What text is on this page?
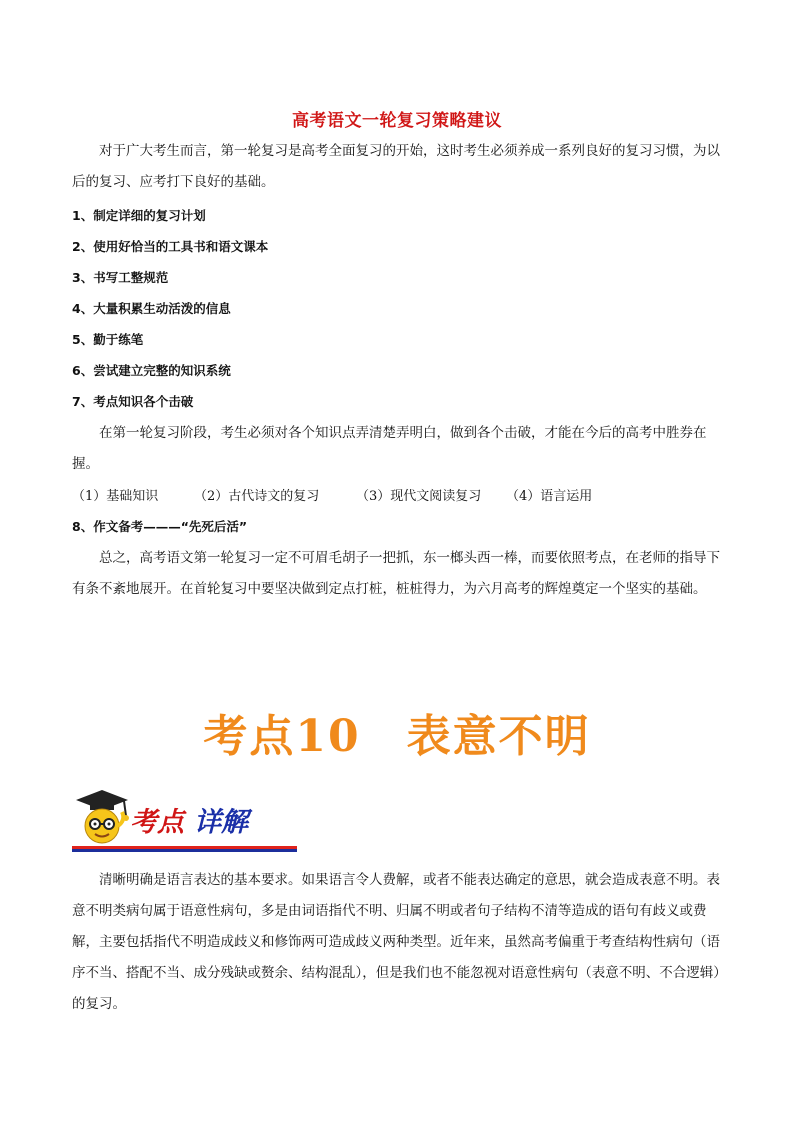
高考语文一轮复习策略建议

对于广大考生而言，第一轮复习是高考全面复习的开始，这时考生必须养成一系列良好的复习习惯，为以后的复习、应考打下良好的基础。

1、制定详细的复习计划

2、使用好恰当的工具书和语文课本

3、书写工整规范

4、大量积累生动活泼的信息

5、勤于练笔

6、尝试建立完整的知识系统

7、考点知识各个击破

在第一轮复习阶段，考生必须对各个知识点弄清楚弄明白，做到各个击破，才能在今后的高考中胜券在握。

（1）基础知识	（2）古代诗文的复习	（3）现代文阅读复习	（4）语言运用

8、作文备考———“先死后活”

总之，高考语文第一轮复习一定不可眉毛胡子一把抓，东一榔头西一棒，而要依照考点，在老师的指导下有条不紊地展开。在首轮复习中要坚决做到定点打桩，桩桩得力，为六月高考的辉煌奠定一个坚实的基础。

考点10 表意不明
考点 详解

清晰明确是语言表达的基本要求。如果语言令人费解，或者不能表达确定的意思，就会造成表意不明。表意不明类病句属于语意性病句，多是由词语指代不明、归属不明或者句子结构不清等造成的语句有歧义或费解，主要包括指代不明造成歧义和修饰两可造成歧义两种类型。近年来，虽然高考偏重于考查结构性病句（语序不当、搭配不当、成分残缺或赘余、结构混乱），但是我们也不能忽视对语意性病句（表意不明、不合逻辑）的复习。
